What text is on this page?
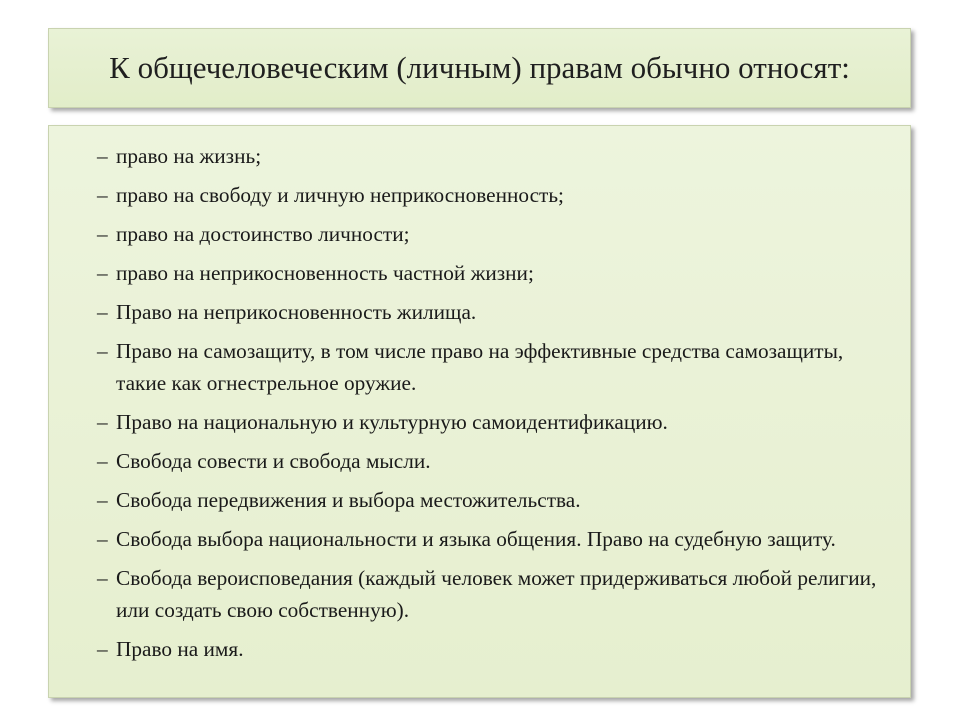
К общечеловеческим (личным) правам обычно относят:
– право на жизнь;
– право на свободу и личную неприкосновенность;
– право на достоинство личности;
– право на неприкосновенность частной жизни;
– Право на неприкосновенность жилища.
– Право на самозащиту, в том числе право на эффективные средства самозащиты, такие как огнестрельное оружие.
– Право на национальную и культурную самоидентификацию.
– Свобода совести и свобода мысли.
– Свобода передвижения и выбора местожительства.
– Свобода выбора национальности и языка общения. Право на судебную защиту.
– Свобода вероисповедания (каждый человек может придерживаться любой религии, или создать свою собственную).
– Право на имя.
